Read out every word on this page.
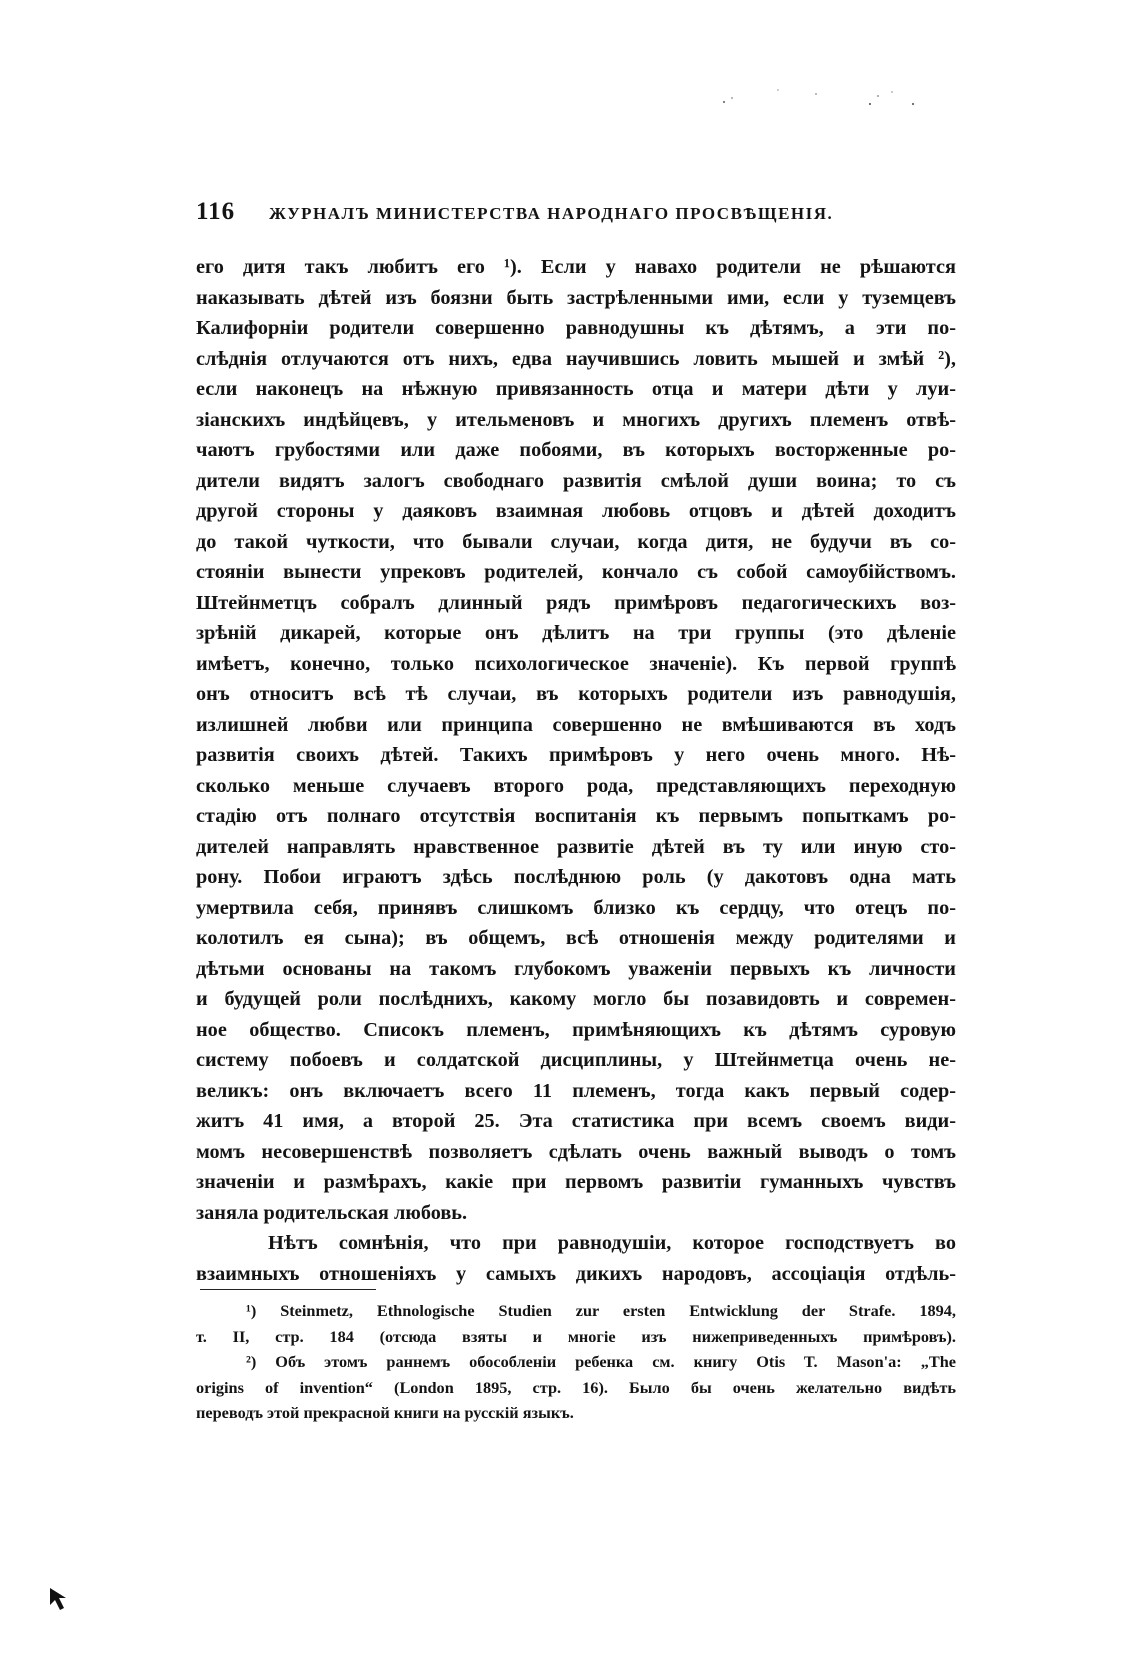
116 ЖУРНАЛЪ МИНИСТЕРСТВА НАРОДНАГО ПРОСВѢЩЕНІЯ.
его дитя такъ любитъ его ¹). Если у навахо родители не рѣшаются
наказывать дѣтей изъ боязни быть застрѣленными ими, если у туземцевъ
Калифорніи родители совершенно равнодушны къ дѣтямъ, а эти по-
слѣднія отлучаются отъ нихъ, едва научившись ловить мышей и змѣй ²),
если наконецъ на нѣжную привязанность отца и матери дѣти у луи-
зіанскихъ индѣйцевъ, у ительменовъ и многихъ другихъ племенъ отвѣ-
чаютъ грубостями или даже побоями, въ которыхъ восторженные ро-
дители видятъ залогъ свободнаго развитія смѣлой души воина; то съ
другой стороны у даяковъ взаимная любовь отцовъ и дѣтей доходитъ
до такой чуткости, что бывали случаи, когда дитя, не будучи въ со-
стояніи вынести упрековъ родителей, кончало съ собой самоубійствомъ.
Штейнметцъ собралъ длинный рядъ примѣровъ педагогическихъ воз-
зрѣній дикарей, которые онъ дѣлитъ на три группы (это дѣленіе
имѣетъ, конечно, только психологическое значеніе). Къ первой группѣ
онъ относитъ всѣ тѣ случаи, въ которыхъ родители изъ равнодушія,
излишней любви или принципа совершенно не вмѣшиваются въ ходъ
развитія своихъ дѣтей. Такихъ примѣровъ у него очень много. Нѣ-
сколько меньше случаевъ второго рода, представляющихъ переходную
стадію отъ полнаго отсутствія воспитанія къ первымъ попыткамъ ро-
дителей направлять нравственное развитіе дѣтей въ ту или иную сто-
рону. Побои играютъ здѣсь послѣднюю роль (у дакотовъ одна мать
умертвила себя, принявъ слишкомъ близко къ сердцу, что отецъ по-
колотилъ ея сына); въ общемъ, всѣ отношенія между родителями и
дѣтьми основаны на такомъ глубокомъ уваженіи первыхъ къ личности
и будущей роли послѣднихъ, какому могло бы позавидовть и современ-
ное общество. Списокъ племенъ, примѣняющихъ къ дѣтямъ суровую
систему побоевъ и солдатской дисциплины, у Штейнметца очень не-
великъ: онъ включаетъ всего 11 племенъ, тогда какъ первый содер-
житъ 41 имя, а второй 25. Эта статистика при всемъ своемъ види-
момъ несовершенствѣ позволяетъ сдѣлать очень важный выводъ о томъ
значеніи и размѣрахъ, какіе при первомъ развитіи гуманныхъ чувствъ
заняла родительская любовь.
Нѣтъ сомнѣнія, что при равнодушіи, которое господствуетъ во
взаимныхъ отношеніяхъ у самыхъ дикихъ народовъ, ассоціація отдѣль-
¹) Steinmetz, Ethnologische Studien zur ersten Entwicklung der Strafe. 1894,
т. II, стр. 184 (отсюда взяты и многіе изъ нижеприведенныхъ примѣровъ).
²) Объ этомъ раннемъ обособленіи ребенка см. книгу Otis T. Mason'a: „The
origins of invention“ (London 1895, стр. 16). Было бы очень желательно видѣть
переводъ этой прекрасной книги на русскій языкъ.
